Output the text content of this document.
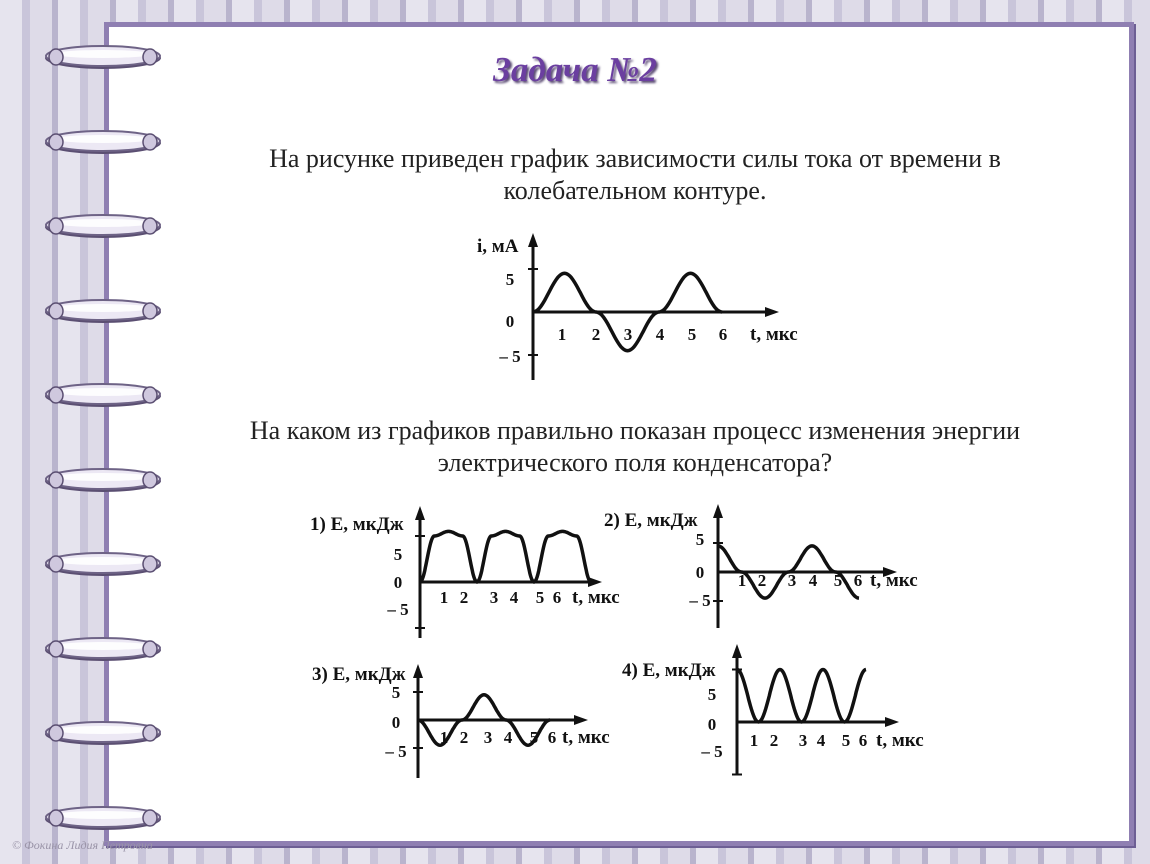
Задача №2
На рисунке приведен график зависимости силы тока от времени в колебательном контуре.
На каком из графиков правильно показан процесс изменения энергии электрического поля конденсатора?
i, мА
t, мкс
1 2 3 4 5 6
5
0
– 5
1) E, мкДж
t, мкс
1 2 3 4 5 6
5
0
– 5
2) E, мкДж
t, мкс
1 2 3 4 5 6
5
0
– 5
3) E, мкДж
t, мкс
1 2 3 4 5 6
5
0
– 5
4) E, мкДж
t, мкс
1 2 3 4 5 6
5
0
– 5
© Фокина Лидия Петровна
